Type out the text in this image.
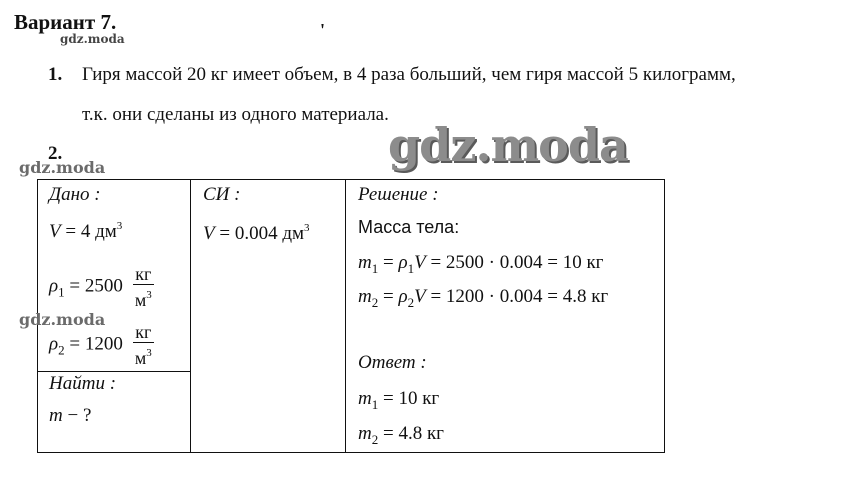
Вариант 7.
gdz.moda	'
1. Гиря массой 20 кг имеет объем, в 4 раза больший, чем гиря массой 5 килограмм,
т.к. они сделаны из одного материала.
gdz.moda	gdz.moda
2.
Дано :
V = 4 $дм^3$
$\rho_1 = 2500 \frac{кг}{м^3}$
gdz.moda
$\rho_2 = 1200 \frac{кг}{м^3}$
Найти :
m − ?
СИ :
V = 0.004 $дм^3$
Решение :
Масса тела:
$m_1 = \rho_1V = 2500 \cdot 0.004 = 10$ кг
$m_2 = \rho_2V = 1200 \cdot 0.004 = 4.8$ кг
Ответ :
$m_1 = 10$ кг
$m_2 = 4.8$ кг
